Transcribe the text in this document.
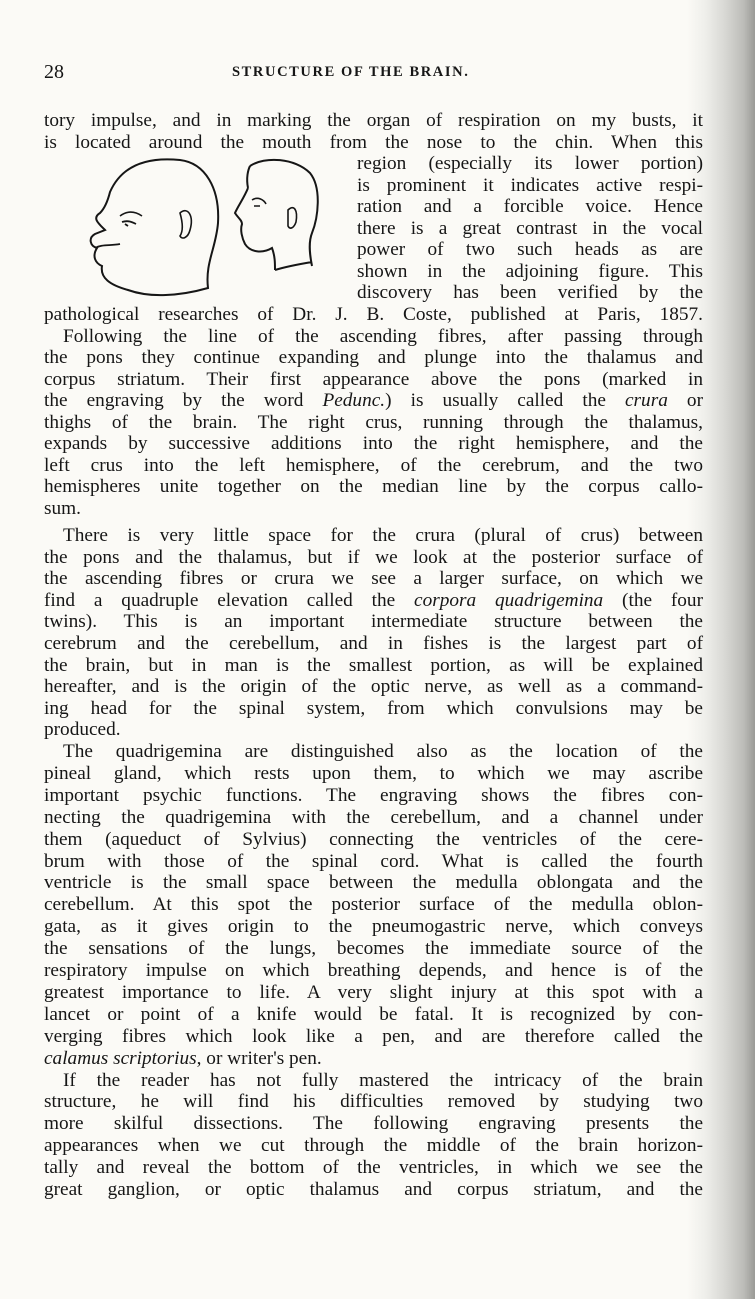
28	STRUCTURE OF THE BRAIN.
tory impulse, and in marking the organ of respiration on my busts, it
is located around the mouth from the nose to the chin. When this
region (especially its lower portion)
is prominent it indicates active respi-
ration and a forcible voice. Hence
there is a great contrast in the vocal
power of two such heads as are
shown in the adjoining figure. This
discovery has been verified by the
pathological researches of Dr. J. B. Coste, published at Paris, 1857.
Following the line of the ascending fibres, after passing through
the pons they continue expanding and plunge into the thalamus and
corpus striatum. Their first appearance above the pons (marked in
the engraving by the word Pedunc.) is usually called the crura or
thighs of the brain. The right crus, running through the thalamus,
expands by successive additions into the right hemisphere, and the
left crus into the left hemisphere, of the cerebrum, and the two
hemispheres unite together on the median line by the corpus callo-
sum.
There is very little space for the crura (plural of crus) between
the pons and the thalamus, but if we look at the posterior surface of
the ascending fibres or crura we see a larger surface, on which we
find a quadruple elevation called the corpora quadrigemina (the four
twins). This is an important intermediate structure between the
cerebrum and the cerebellum, and in fishes is the largest part of
the brain, but in man is the smallest portion, as will be explained
hereafter, and is the origin of the optic nerve, as well as a command-
ing head for the spinal system, from which convulsions may be
produced.
The quadrigemina are distinguished also as the location of the
pineal gland, which rests upon them, to which we may ascribe
important psychic functions. The engraving shows the fibres con-
necting the quadrigemina with the cerebellum, and a channel under
them (aqueduct of Sylvius) connecting the ventricles of the cere-
brum with those of the spinal cord. What is called the fourth
ventricle is the small space between the medulla oblongata and the
cerebellum. At this spot the posterior surface of the medulla oblon-
gata, as it gives origin to the pneumogastric nerve, which conveys
the sensations of the lungs, becomes the immediate source of the
respiratory impulse on which breathing depends, and hence is of the
greatest importance to life. A very slight injury at this spot with a
lancet or point of a knife would be fatal. It is recognized by con-
verging fibres which look like a pen, and are therefore called the
calamus scriptorius, or writer's pen.
If the reader has not fully mastered the intricacy of the brain
structure, he will find his difficulties removed by studying two
more skilful dissections. The following engraving presents the
appearances when we cut through the middle of the brain horizon-
tally and reveal the bottom of the ventricles, in which we see the
great ganglion, or optic thalamus and corpus striatum, and the
